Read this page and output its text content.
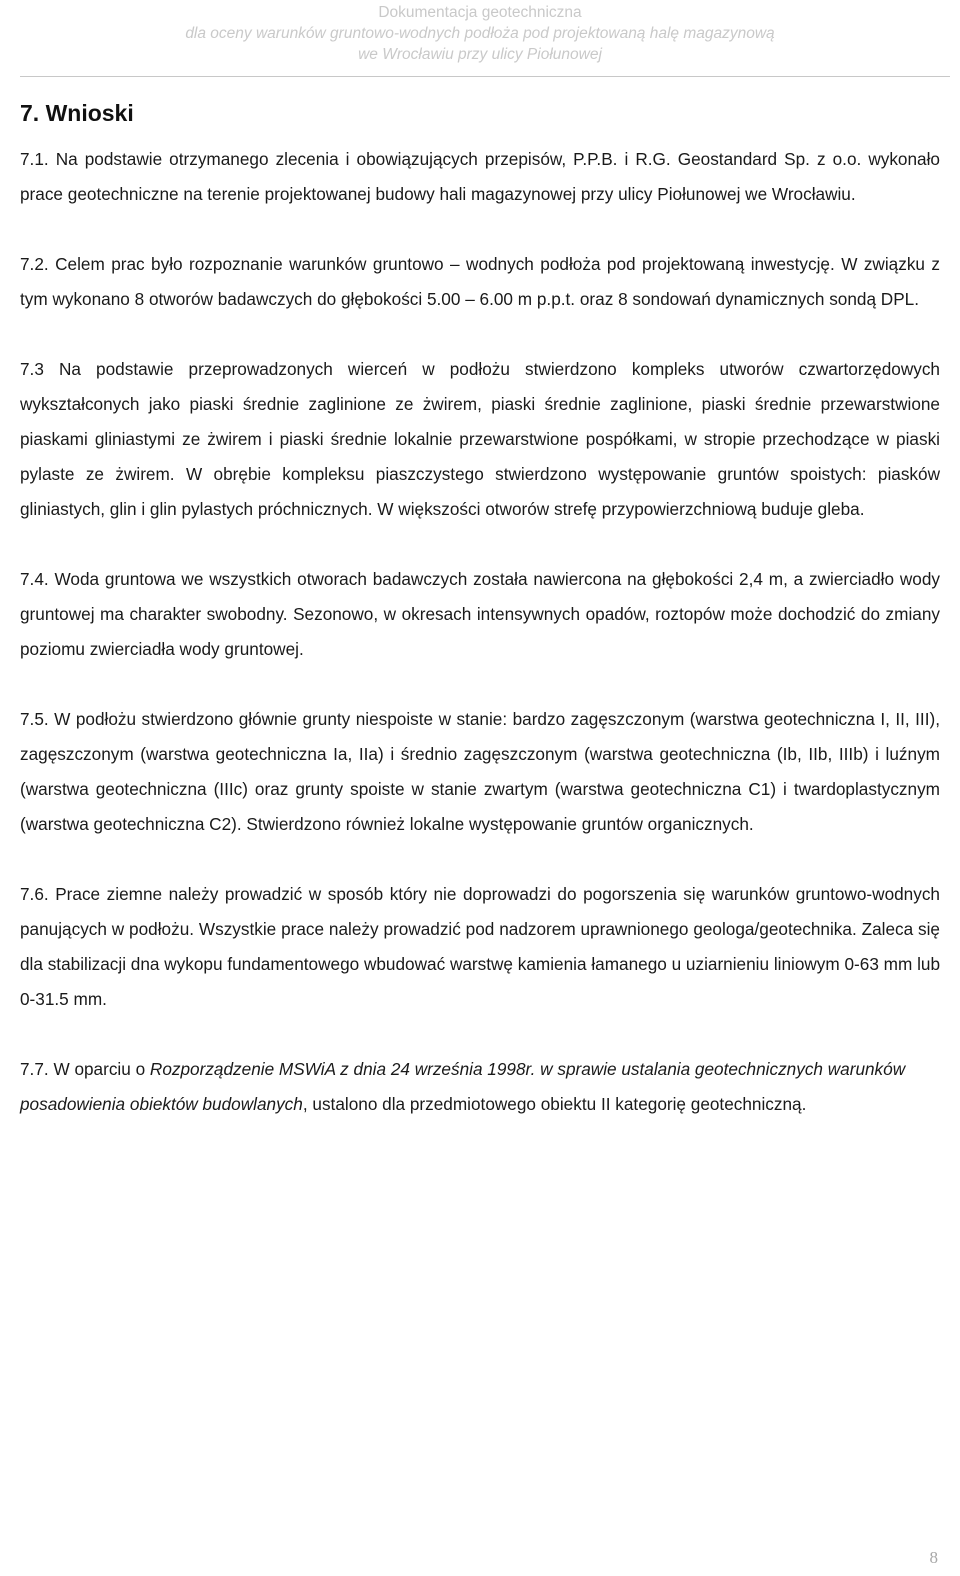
Dokumentacja geotechniczna
dla oceny warunków gruntowo-wodnych podłoża pod projektowaną halę magazynową
we Wrocławiu przy ulicy Piołunowej
7. Wnioski

7.1. Na podstawie otrzymanego zlecenia i obowiązujących przepisów, P.P.B. i R.G. Geostandard Sp. z o.o. wykonało prace geotechniczne na terenie projektowanej budowy hali magazynowej przy ulicy Piołunowej we Wrocławiu.

7.2. Celem prac było rozpoznanie warunków gruntowo – wodnych podłoża pod projektowaną inwestycję. W związku z tym wykonano 8 otworów badawczych do głębokości 5.00 – 6.00 m p.p.t. oraz 8 sondowań dynamicznych sondą DPL.

7.3 Na podstawie przeprowadzonych wierceń w podłożu stwierdzono kompleks utworów czwartorzędowych wykształconych jako piaski średnie zaglinione ze żwirem, piaski średnie zaglinione, piaski średnie przewarstwione piaskami gliniastymi ze żwirem i piaski średnie lokalnie przewarstwione pospółkami, w stropie przechodzące w piaski pylaste ze żwirem. W obrębie kompleksu piaszczystego stwierdzono występowanie gruntów spoistych: piasków gliniastych, glin i glin pylastych próchnicznych. W większości otworów strefę przypowierzchniową buduje gleba.

7.4. Woda gruntowa we wszystkich otworach badawczych została nawiercona na głębokości 2,4 m, a zwierciadło wody gruntowej ma charakter swobodny. Sezonowo, w okresach intensywnych opadów, roztopów może dochodzić do zmiany poziomu zwierciadła wody gruntowej.

7.5. W podłożu stwierdzono głównie grunty niespoiste w stanie: bardzo zagęszczonym (warstwa geotechniczna I, II, III), zagęszczonym (warstwa geotechniczna Ia, IIa) i średnio zagęszczonym (warstwa geotechniczna (Ib, IIb, IIIb) i luźnym (warstwa geotechniczna (IIIc) oraz grunty spoiste w stanie zwartym (warstwa geotechniczna C1) i twardoplastycznym (warstwa geotechniczna C2). Stwierdzono również lokalne występowanie gruntów organicznych.

7.6. Prace ziemne należy prowadzić w sposób który nie doprowadzi do pogorszenia się warunków gruntowo-wodnych panujących w podłożu. Wszystkie prace należy prowadzić pod nadzorem uprawnionego geologa/geotechnika. Zaleca się dla stabilizacji dna wykopu fundamentowego wbudować warstwę kamienia łamanego u uziarnieniu liniowym 0-63 mm lub 0-31.5 mm.

7.7. W oparciu o Rozporządzenie MSWiA z dnia 24 września 1998r. w sprawie ustalania geotechnicznych warunków posadowienia obiektów budowlanych, ustalono dla przedmiotowego obiektu II kategorię geotechniczną.

8
